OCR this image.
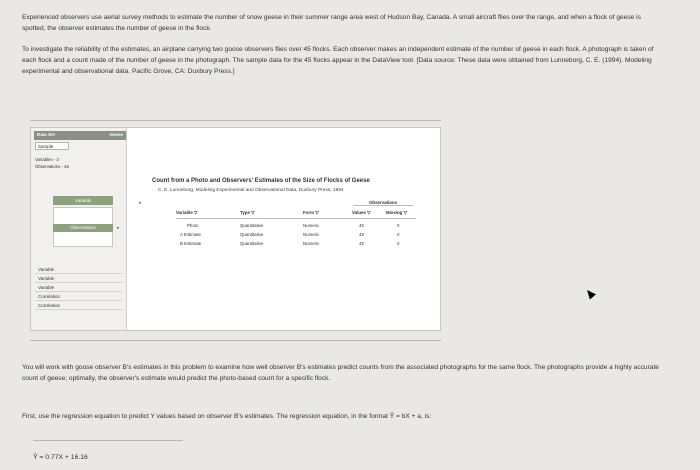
Experienced observers use aerial survey methods to estimate the number of snow geese in their summer range area west of Hudson Bay, Canada. A small aircraft flies over the range, and when a flock of geese is spotted, the observer estimates the number of geese in the flock.
To investigate the reliability of the estimates, an airplane carrying two goose observers flies over 45 flocks. Each observer makes an independent estimate of the number of geese in each flock. A photograph is taken of each flock and a count made of the number of geese in the photograph. The sample data for the 45 flocks appear in the DataView tool. [Data source: These data were obtained from Lunneborg, C. E. (1994). Modeling experimental and observational data. Pacific Grove, CA: Duxbury Press.]
Data Set	Geese
Sample
Variables - 3
Observations - 45
Variable
Observations	▸
Variable
Variable
Variable
Correlation
Correlation
▸
Count from a Photo and Observers' Estimates of the Size of Flocks of Geese
C. E. Lunneborg, Modeling Experimental and Observational Data, Duxbury Press, 1994
Observations
Variable ▽	Type ▽	Form ▽	Values ▽	Missing ▽
Photo	Quantitative	Numeric	45	0
A Estimate	Quantitative	Numeric	45	0
B Estimate	Quantitative	Numeric	45	0
You will work with goose observer B's estimates in this problem to examine how well observer B's estimates predict counts from the associated photographs for the same flock. The photographs provide a highly accurate count of geese; optimally, the observer's estimate would predict the photo-based count for a specific flock.
First, use the regression equation to predict Y values based on observer B's estimates. The regression equation, in the format Ŷ = bX + a, is:
Ŷ = 0.77X + 16.16
